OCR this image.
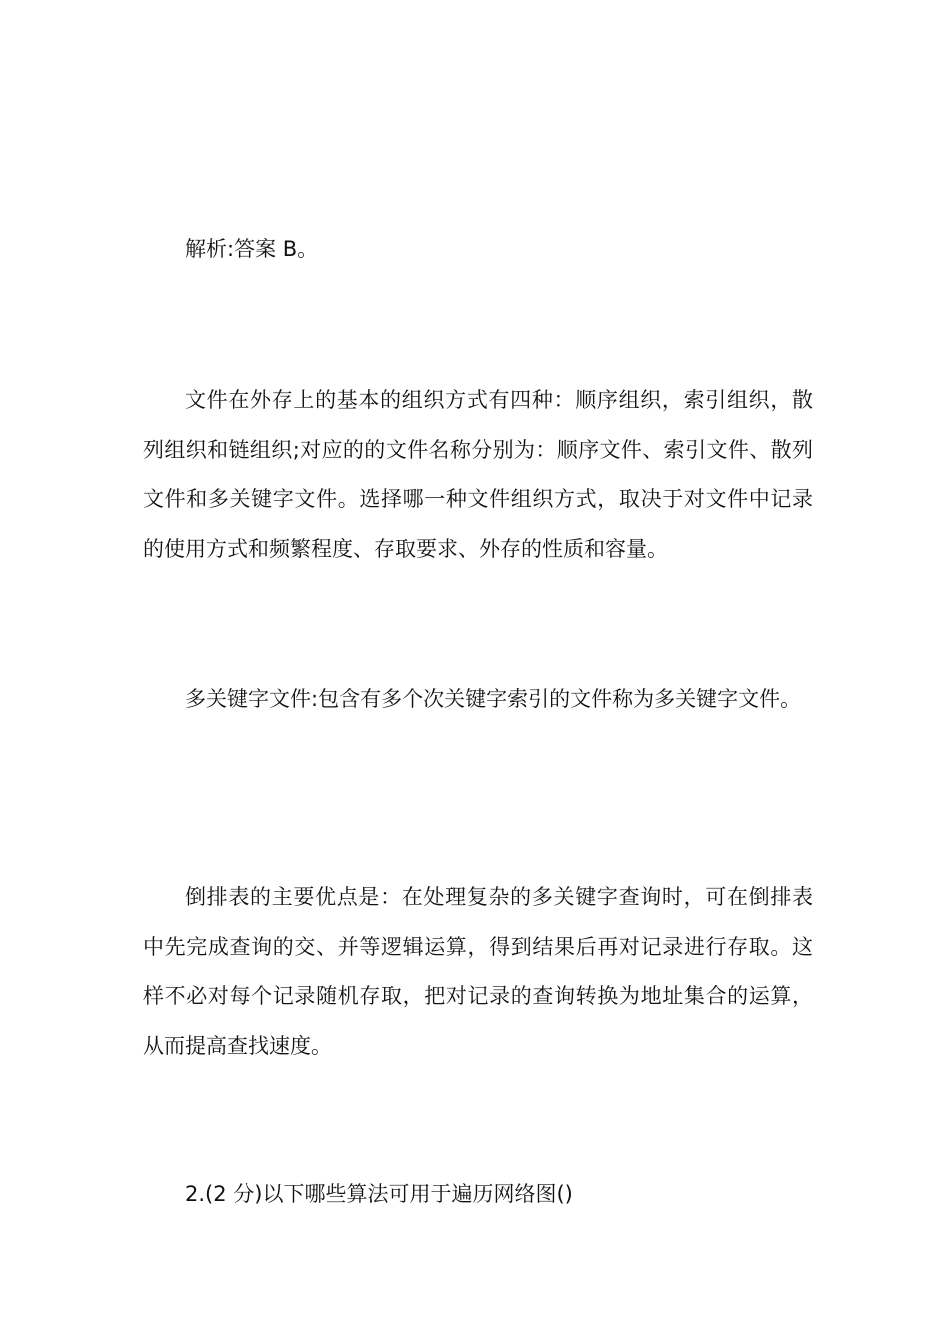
解析:答案 B。

文件在外存上的基本的组织方式有四种：顺序组织，索引组织，散列组织和链组织;对应的的文件名称分别为：顺序文件、索引文件、散列文件和多关键字文件。选择哪一种文件组织方式，取决于对文件中记录的使用方式和频繁程度、存取要求、外存的性质和容量。

多关键字文件:包含有多个次关键字索引的文件称为多关键字文件。

倒排表的主要优点是：在处理复杂的多关键字查询时，可在倒排表中先完成查询的交、并等逻辑运算，得到结果后再对记录进行存取。这样不必对每个记录随机存取，把对记录的查询转换为地址集合的运算，从而提高查找速度。

2.(2 分)以下哪些算法可用于遍历网络图()
